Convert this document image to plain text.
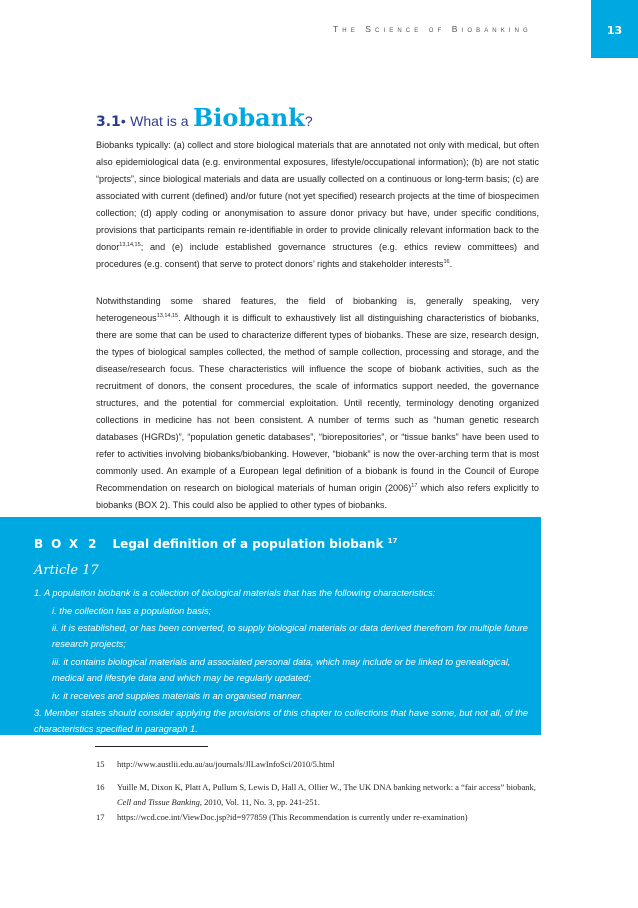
The Science of Biobanking	13
3.1• What is a Biobank?

Biobanks typically: (a) collect and store biological materials that are annotated not only with medical, but often also epidemiological data (e.g. environmental exposures, lifestyle/occupational information); (b) are not static “projects”, since biological materials and data are usually collected on a continuous or long-term basis; (c) are associated with current (defined) and/or future (not yet specified) research projects at the time of biospecimen collection; (d) apply coding or anonymisation to assure donor privacy but have, under specific conditions, provisions that participants remain re-identifiable in order to provide clinically relevant information back to the donor$^{13,14,15}$; and (e) include established governance structures (e.g. ethics review committees) and procedures (e.g. consent) that serve to protect donors’ rights and stakeholder interests$^{16}$.

Notwithstanding some shared features, the field of biobanking is, generally speaking, very heterogeneous$^{13,14,15}$. Although it is difficult to exhaustively list all distinguishing characteristics of biobanks, there are some that can be used to characterize different types of biobanks. These are size, research design, the types of biological samples collected, the method of sample collection, processing and storage, and the disease/research focus. These characteristics will influence the scope of biobank activities, such as the recruitment of donors, the consent procedures, the scale of informatics support needed, the governance structures, and the potential for commercial exploitation. Until recently, terminology denoting organized collections in medicine has not been consistent. A number of terms such as “human genetic research databases (HGRDs)”, “population genetic databases”, “biorepositories”, or “tissue banks” have been used to refer to activities involving biobanks/biobanking. However, “biobank” is now the over-arching term that is most commonly used. An example of a European legal definition of a biobank is found in the Council of Europe Recommendation on research on biological materials of human origin $(2006)^{17}$ which also refers explicitly to biobanks (BOX 2). This could also be applied to other types of biobanks.

BOX 2 Legal definition of a population biobank $^{17}$
Article 17

1. A population biobank is a collection of biological materials that has the following characteristics:

i. the collection has a population basis;

ii. it is established, or has been converted, to supply biological materials or data derived therefrom for multiple future research projects;

iii. it contains biological materials and associated personal data, which may include or be linked to genealogical, medical and lifestyle data and which may be regularly updated;

iv. it receives and supplies materials in an organised manner.

3. Member states should consider applying the provisions of this chapter to collections that have some, but not all, of the characteristics specified in paragraph 1.

15 http://www.austlii.edu.au/au/journals/JlLawInfoSci/2010/5.html

16 Yuille M, Dixon K, Platt A, Pullum S, Lewis D, Hall A, Ollier W., The UK DNA banking network: a “fair access” biobank, Cell and Tissue Banking, 2010, Vol. 11, No. 3, pp. 241-251.

17 https://wcd.coe.int/ViewDoc.jsp?id=977859 (This Recommendation is currently under re-examination)
